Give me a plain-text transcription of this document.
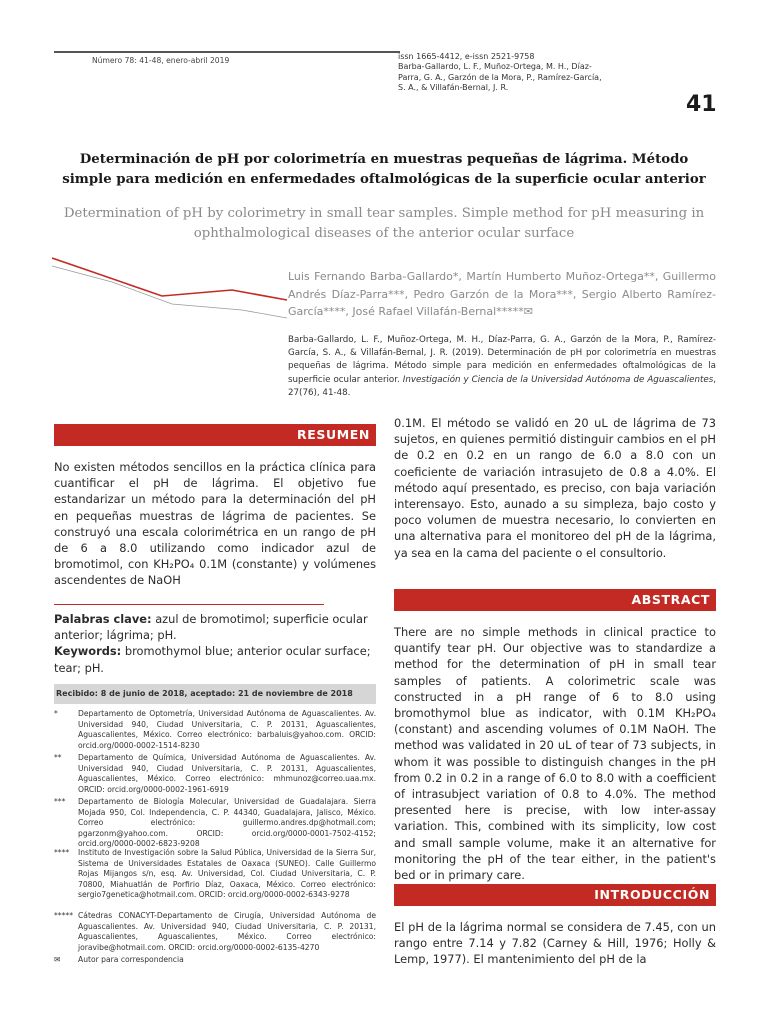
Número 78: 41-48, enero-abril 2019	issn 1665-4412, e-issn 2521-9758
Barba-Gallardo, L. F., Muñoz-Ortega, M. H., Díaz-Parra, G. A., Garzón de la Mora, P., Ramírez-García, S. A., & Villafán-Bernal, J. R.
41
Determinación de pH por colorimetría en muestras pequeñas de lágrima. Método simple para medición en enfermedades oftalmológicas de la superficie ocular anterior
Determination of pH by colorimetry in small tear samples. Simple method for pH measuring in ophthalmological diseases of the anterior ocular surface
Luis Fernando Barba-Gallardo*, Martín Humberto Muñoz-Ortega**, Guillermo Andrés Díaz-Parra***, Pedro Garzón de la Mora***, Sergio Alberto Ramírez-García****, José Rafael Villafán-Bernal*****✉
Barba-Gallardo, L. F., Muñoz-Ortega, M. H., Díaz-Parra, G. A., Garzón de la Mora, P., Ramírez-García, S. A., & Villafán-Bernal, J. R. (2019). Determinación de pH por colorimetría en muestras pequeñas de lágrima. Método simple para medición en enfermedades oftalmológicas de la superficie ocular anterior. Investigación y Ciencia de la Universidad Autónoma de Aguascalientes, 27(76), 41-48.
RESUMEN
No existen métodos sencillos en la práctica clínica para cuantificar el pH de lágrima. El objetivo fue estandarizar un método para la determinación del pH en pequeñas muestras de lágrima de pacientes. Se construyó una escala colorimétrica en un rango de pH de 6 a 8.0 utilizando como indicador azul de bromotimol, con KH₂PO₄ 0.1M (constante) y volúmenes ascendentes de NaOH
Palabras clave: azul de bromotimol; superficie ocular anterior; lágrima; pH.
Keywords: bromothymol blue; anterior ocular surface; tear; pH.
Recibido: 8 de junio de 2018, aceptado: 21 de noviembre de 2018
*	Departamento de Optometría, Universidad Autónoma de Aguascalientes. Av. Universidad 940, Ciudad Universitaria, C. P. 20131, Aguascalientes, Aguascalientes, México. Correo electrónico: barbaluis@yahoo.com. ORCID: orcid.org/0000-0002-1514-8230
**	Departamento de Química, Universidad Autónoma de Aguascalientes. Av. Universidad 940, Ciudad Universitaria, C. P. 20131, Aguascalientes, Aguascalientes, México. Correo electrónico: mhmunoz@correo.uaa.mx. ORCID: orcid.org/0000-0002-1961-6919
***	Departamento de Biología Molecular, Universidad de Guadalajara. Sierra Mojada 950, Col. Independencia, C. P. 44340, Guadalajara, Jalisco, México. Correo electrónico: guillermo.andres.dp@hotmail.com; pgarzonm@yahoo.com. ORCID: orcid.org/0000-0001-7502-4152; orcid.org/0000-0002-6823-9208
****	Instituto de Investigación sobre la Salud Pública, Universidad de la Sierra Sur, Sistema de Universidades Estatales de Oaxaca (SUNEO). Calle Guillermo Rojas Mijangos s/n, esq. Av. Universidad, Col. Ciudad Universitaria, C. P. 70800, Miahuatlán de Porfirio Díaz, Oaxaca, México. Correo electrónico: sergio7genetica@hotmail.com. ORCID: orcid.org/0000-0002-6343-9278
***** Cátedras CONACYT-Departamento de Cirugía, Universidad Autónoma de Aguascalientes. Av. Universidad 940, Ciudad Universitaria, C. P. 20131, Aguascalientes, Aguascalientes, México. Correo electrónico: joravibe@hotmail.com. ORCID: orcid.org/0000-0002-6135-4270
✉	Autor para correspondencia
0.1M. El método se validó en 20 uL de lágrima de 73 sujetos, en quienes permitió distinguir cambios en el pH de 0.2 en 0.2 en un rango de 6.0 a 8.0 con un coeficiente de variación intrasujeto de 0.8 a 4.0%. El método aquí presentado, es preciso, con baja variación interensayo. Esto, aunado a su simpleza, bajo costo y poco volumen de muestra necesario, lo convierten en una alternativa para el monitoreo del pH de la lágrima, ya sea en la cama del paciente o el consultorio.
ABSTRACT
There are no simple methods in clinical practice to quantify tear pH. Our objective was to standardize a method for the determination of pH in small tear samples of patients. A colorimetric scale was constructed in a pH range of 6 to 8.0 using bromothymol blue as indicator, with 0.1M KH₂PO₄ (constant) and ascending volumes of 0.1M NaOH. The method was validated in 20 uL of tear of 73 subjects, in whom it was possible to distinguish changes in the pH from 0.2 in 0.2 in a range of 6.0 to 8.0 with a coefficient of intrasubject variation of 0.8 to 4.0%. The method presented here is precise, with low inter-assay variation. This, combined with its simplicity, low cost and small sample volume, make it an alternative for monitoring the pH of the tear either, in the patient's bed or in primary care.
INTRODUCCIÓN
El pH de la lágrima normal se considera de 7.45, con un rango entre 7.14 y 7.82 (Carney & Hill, 1976; Holly & Lemp, 1977). El mantenimiento del pH de la
